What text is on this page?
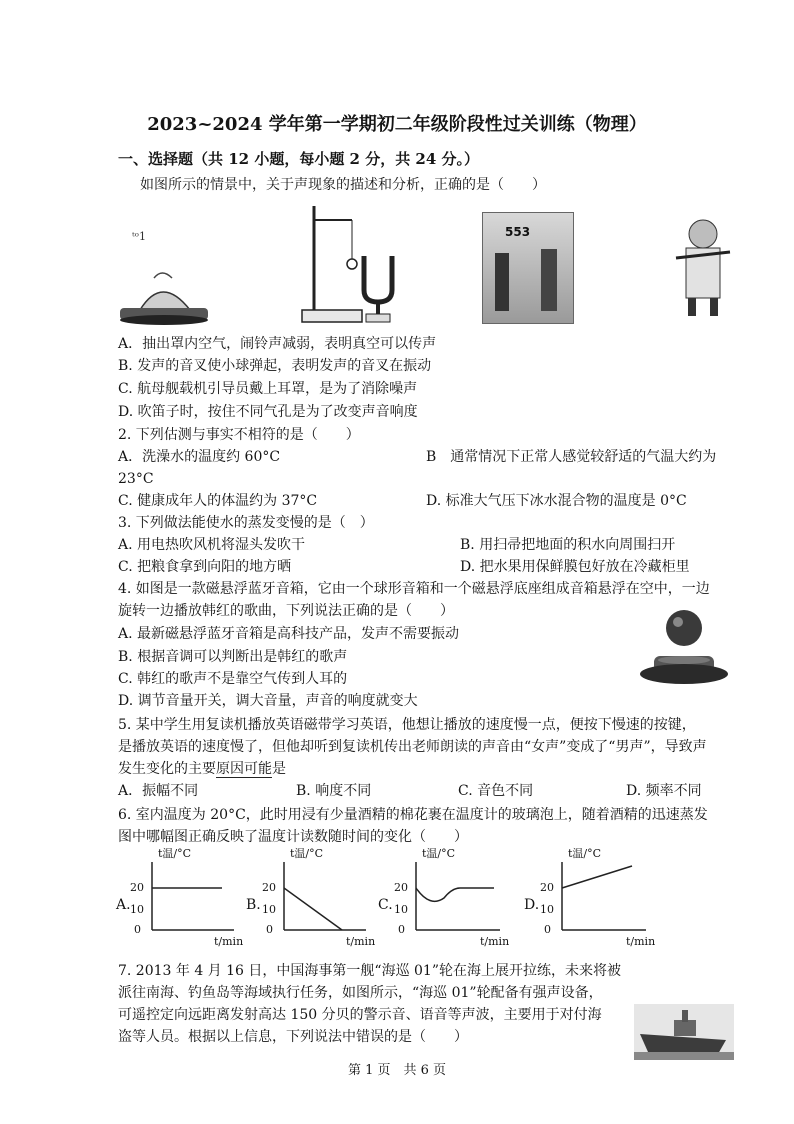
2023~2024 学年第一学期初二年级阶段性过关训练（物理）
一、选择题（共 12 小题，每小题 2 分，共 24 分。）
如图所示的情景中，关于声现象的描述和分析，正确的是（　　）
ᵗᵒ1	553
A．抽出罩内空气，闹铃声减弱，表明真空可以传声
B. 发声的音叉使小球弹起，表明发声的音叉在振动
C. 航母舰载机引导员戴上耳罩，是为了消除噪声
D. 吹笛子时，按住不同气孔是为了改变声音响度
2. 下列估测与事实不相符的是（　　）
A．洗澡水的温度约 60°C	B　通常情况下正常人感觉较舒适的气温大约为
23°C
C. 健康成年人的体温约为 37°C	D. 标准大气压下冰水混合物的温度是 0°C
3. 下列做法能使水的蒸发变慢的是（　）
A. 用电热吹风机将湿头发吹干	B. 用扫帚把地面的积水向周围扫开
C. 把粮食拿到向阳的地方晒	D. 把水果用保鲜膜包好放在冷藏柜里
4. 如图是一款磁悬浮蓝牙音箱，它由一个球形音箱和一个磁悬浮底座组成音箱悬浮在空中，一边
旋转一边播放韩红的歌曲，下列说法正确的是（　　）
A. 最新磁悬浮蓝牙音箱是高科技产品，发声不需要振动
B. 根据音调可以判断出是韩红的歌声
C. 韩红的歌声不是靠空气传到人耳的
D. 调节音量开关，调大音量，声音的响度就变大
5. 某中学生用复读机播放英语磁带学习英语，他想让播放的速度慢一点，便按下慢速的按键，
是播放英语的速度慢了，但他却听到复读机传出老师朗读的声音由“女声”变成了“男声”，导致声
发生变化的主要原因可能是
A．振幅不同	B. 响度不同	C. 音色不同	D. 频率不同
6. 室内温度为 20°C，此时用浸有少量酒精的棉花裹在温度计的玻璃泡上，随着酒精的迅速蒸发
图中哪幅图正确反映了温度计读数随时间的变化（　　）
A.
t温/°C
20
10
0
t/min
B.
t温/°C
20
10
0
t/min
C.
t温/°C
20
10
0
t/min
D.
t温/°C
20
10
0
t/min
7. 2013 年 4 月 16 日，中国海事第一舰“海巡 01”轮在海上展开拉练，未来将被
派往南海、钓鱼岛等海域执行任务，如图所示，“海巡 01”轮配备有强声设备，
可遥控定向远距离发射高达 150 分贝的警示音、语音等声波，主要用于对付海
盗等人员。根据以上信息，下列说法中错误的是（　　）
第 1 页　共 6 页
